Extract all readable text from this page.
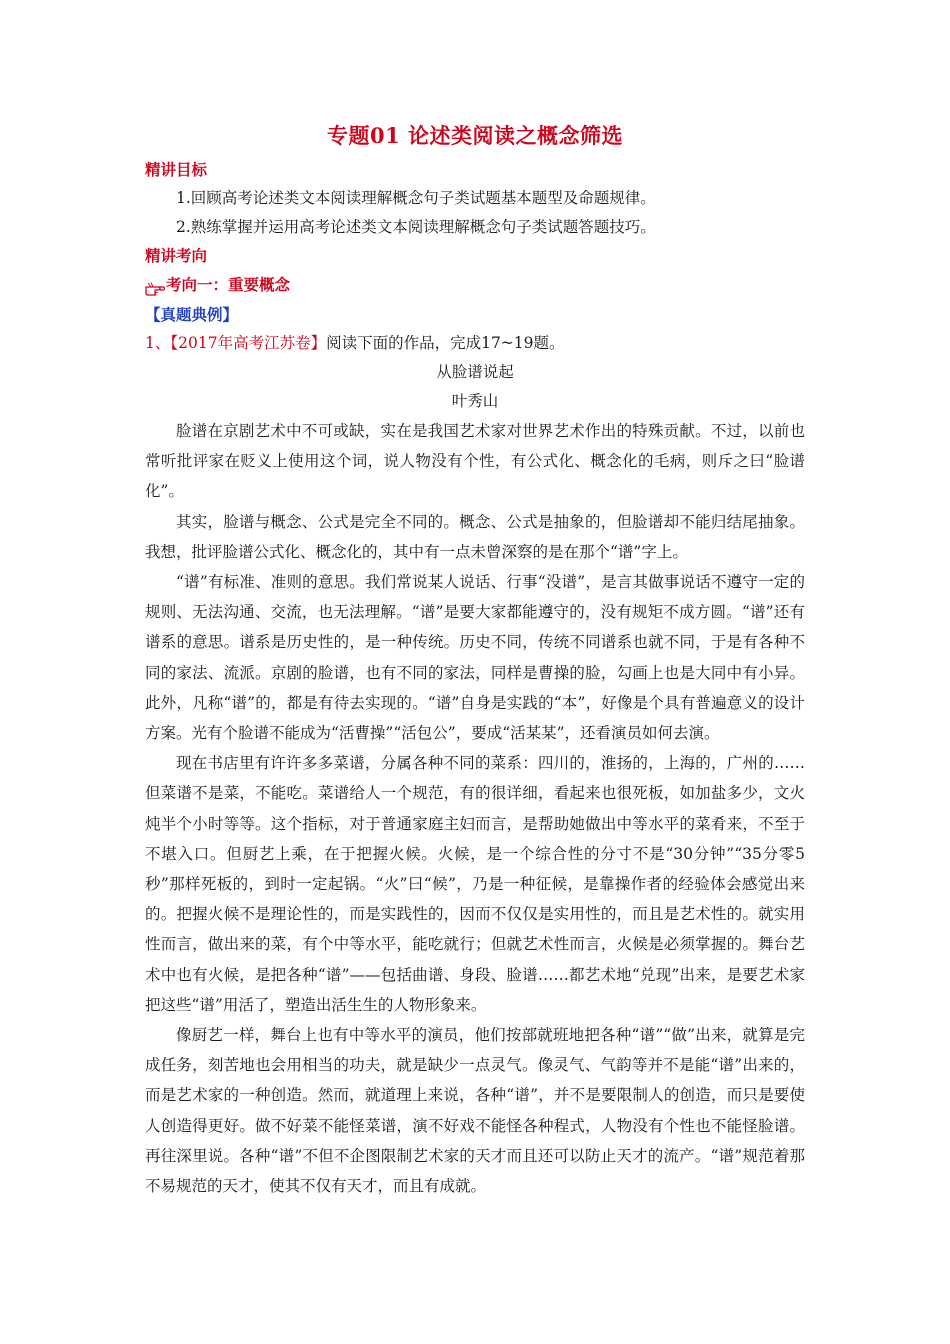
专题01 论述类阅读之概念筛选

精讲目标

1.回顾高考论述类文本阅读理解概念句子类试题基本题型及命题规律。

2.熟练掌握并运用高考论述类文本阅读理解概念句子类试题答题技巧。

精讲考向

考向一：重要概念

【真题典例】

1、【2017年高考江苏卷】阅读下面的作品，完成17~19题。

从脸谱说起

叶秀山

脸谱在京剧艺术中不可或缺，实在是我国艺术家对世界艺术作出的特殊贡献。不过，以前也常听批评家在贬义上使用这个词，说人物没有个性，有公式化、概念化的毛病，则斥之曰“脸谱化”。

其实，脸谱与概念、公式是完全不同的。概念、公式是抽象的，但脸谱却不能归结尾抽象。我想，批评脸谱公式化、概念化的，其中有一点未曾深察的是在那个“谱”字上。

“谱”有标准、准则的意思。我们常说某人说话、行事“没谱”，是言其做事说话不遵守一定的规则、无法沟通、交流，也无法理解。“谱”是要大家都能遵守的，没有规矩不成方圆。“谱”还有谱系的意思。谱系是历史性的，是一种传统。历史不同，传统不同谱系也就不同，于是有各种不同的家法、流派。京剧的脸谱，也有不同的家法，同样是曹操的脸，勾画上也是大同中有小异。此外，凡称“谱”的，都是有待去实现的。“谱”自身是实践的“本”，好像是个具有普遍意义的设计方案。光有个脸谱不能成为“活曹操”“活包公”，要成“活某某”，还看演员如何去演。

现在书店里有许许多多菜谱，分属各种不同的菜系：四川的，淮扬的，上海的，广州的……但菜谱不是菜，不能吃。菜谱给人一个规范，有的很详细，看起来也很死板，如加盐多少，文火炖半个小时等等。这个指标，对于普通家庭主妇而言，是帮助她做出中等水平的菜肴来，不至于不堪入口。但厨艺上乘，在于把握火候。火候，是一个综合性的分寸不是“30分钟”“35分零5秒”那样死板的，到时一定起锅。“火”曰“候”，乃是一种征候，是靠操作者的经验体会感觉出来的。把握火候不是理论性的，而是实践性的，因而不仅仅是实用性的，而且是艺术性的。就实用性而言，做出来的菜，有个中等水平，能吃就行；但就艺术性而言，火候是必须掌握的。舞台艺术中也有火候，是把各种“谱”——包括曲谱、身段、脸谱……都艺术地“兑现”出来，是要艺术家把这些“谱”用活了，塑造出活生生的人物形象来。

像厨艺一样，舞台上也有中等水平的演员，他们按部就班地把各种“谱”“做”出来，就算是完成任务，刻苦地也会用相当的功夫，就是缺少一点灵气。像灵气、气韵等并不是能“谱”出来的，而是艺术家的一种创造。然而，就道理上来说，各种“谱”，并不是要限制人的创造，而只是要使人创造得更好。做不好菜不能怪菜谱，演不好戏不能怪各种程式，人物没有个性也不能怪脸谱。再往深里说。各种“谱”不但不企图限制艺术家的天才而且还可以防止天才的流产。“谱”规范着那不易规范的天才，使其不仅有天才，而且有成就。
